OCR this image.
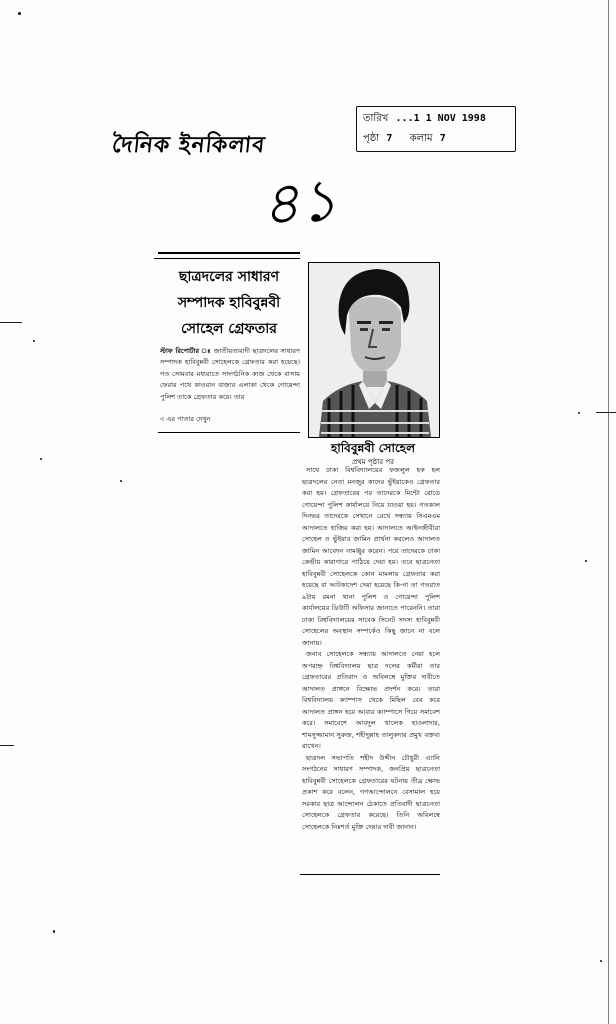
দৈনিক ইনকিলাব
তারিখ ...1 1 NOV 1998
পৃষ্ঠা 7 কলাম 7
৪১
ছাত্রদলের সাধারণ
সম্পাদক হাবিবুন্নবী
সোহেল গ্রেফতার
স্টাফ রিপোর্টার ঃ জাতীয়তাবাদী ছাত্রদলের সাধারণ সম্পাদক হাবিবুন্নবী সোহেলকে গ্রেফতার করা হয়েছে। গত সোমবার মধ্যরাতে সাংগঠনিক কাজ থেকে বাসায় ফেরার পথে কাওরান বাজার এলাকা থেকে গোয়েন্দা পুলিশ তাকে গ্রেফতার করে। তার
৩ এর পাতার দেখুন
হাবিবুন্নবী সোহেল
প্রথম পৃষ্ঠার পর

সাথে ঢাকা বিশ্ববিদ্যালয়ের ফজলুল হক হল ছাত্রদলের নেতা মনজুর কাদের ভুঁইয়াকেও গ্রেফতার করা হয়। গ্রেফতারের পর তাদেরকে মিন্টো রোডে গোয়েন্দা পুলিশ কার্যালয়ে নিয়ে যাওয়া হয়। গতকাল দিনভর তাদেরকে সেখানে রেখে সন্ধ্যায় সিএমএম আদালতে হাজির করা হয়। আদালতে আইনজীবীরা সোহেল ও ভুঁইয়ার জামিন প্রার্থনা করলেও আদালত জামিন আবেদন নামঞ্জুর করেন। পরে তাদেরকে ঢাকা কেন্দ্রীয় কারাগারে পাঠিয়ে দেয়া হয়। তবে ছাত্রনেতা হাবিবুন্নবী সোহেলকে কোন মামলায় গ্রেফতার করা হয়েছে বা আটকাদেশ দেয়া হয়েছে কি-না তা গতরাত ৯টায় রমনা থানা পুলিশ ও গোয়েন্দা পুলিশ কার্যালয়ের ডিউটি অফিসার জানাতে পারেননি। তারা ঢাকা বিশ্ববিদ্যালয়ের সাবেক সিনেট সদস্য হাবিবুন্নবী সোহেলের অবস্থান সম্পর্কেও কিছু জানে না বলে জানায়।

জনাব সোহেলকে সন্ধ্যায় আদালতে নেয়া হলে অপরাহ্ন বিশ্ববিদ্যালয় ছাত্র দলের কর্মীরা তার গ্রেফতারের প্রতিবাদ ও অবিলম্বে মুক্তির দাবীতে আদালত প্রাঙ্গনে বিক্ষোভ প্রদর্শন করে। তারা বিশ্ববিদ্যালয় ক্যাম্পাস থেকে মিছিল বের করে আদালত প্রাঙ্গন হয়ে আবার ক্যাম্পাসে গিয়ে সমাবেশ করে। সমাবেশে আবদুল খালেক হাওলাদার, শামসুজ্জামান সুরুজ, শহীদুল্লাহ তালুকদার প্রমুখ বক্তব্য রাখেন।

ছাত্রদল সভাপতি শহীদ উদ্দীন চৌধুরী এ্যানি সংগঠনের সাধারণ সম্পাদক, জনপ্রিয় ছাত্রনেতা হাবিবুন্নবী সোহেলকে গ্রেফতারের ঘটনায় তীব্র ক্ষোভ প্রকাশ করে বলেন, গণআন্দোলনে বেসামাল হয়ে সরকার ছাত্র আন্দোলন ঠেকাতে প্রতিবাদী ছাত্রনেতা সোহেলকে গ্রেফতার করেছে। তিনি অবিলম্বে সোহেলকে নিঃশর্ত মুক্তি দেয়ার দাবী জানান।
